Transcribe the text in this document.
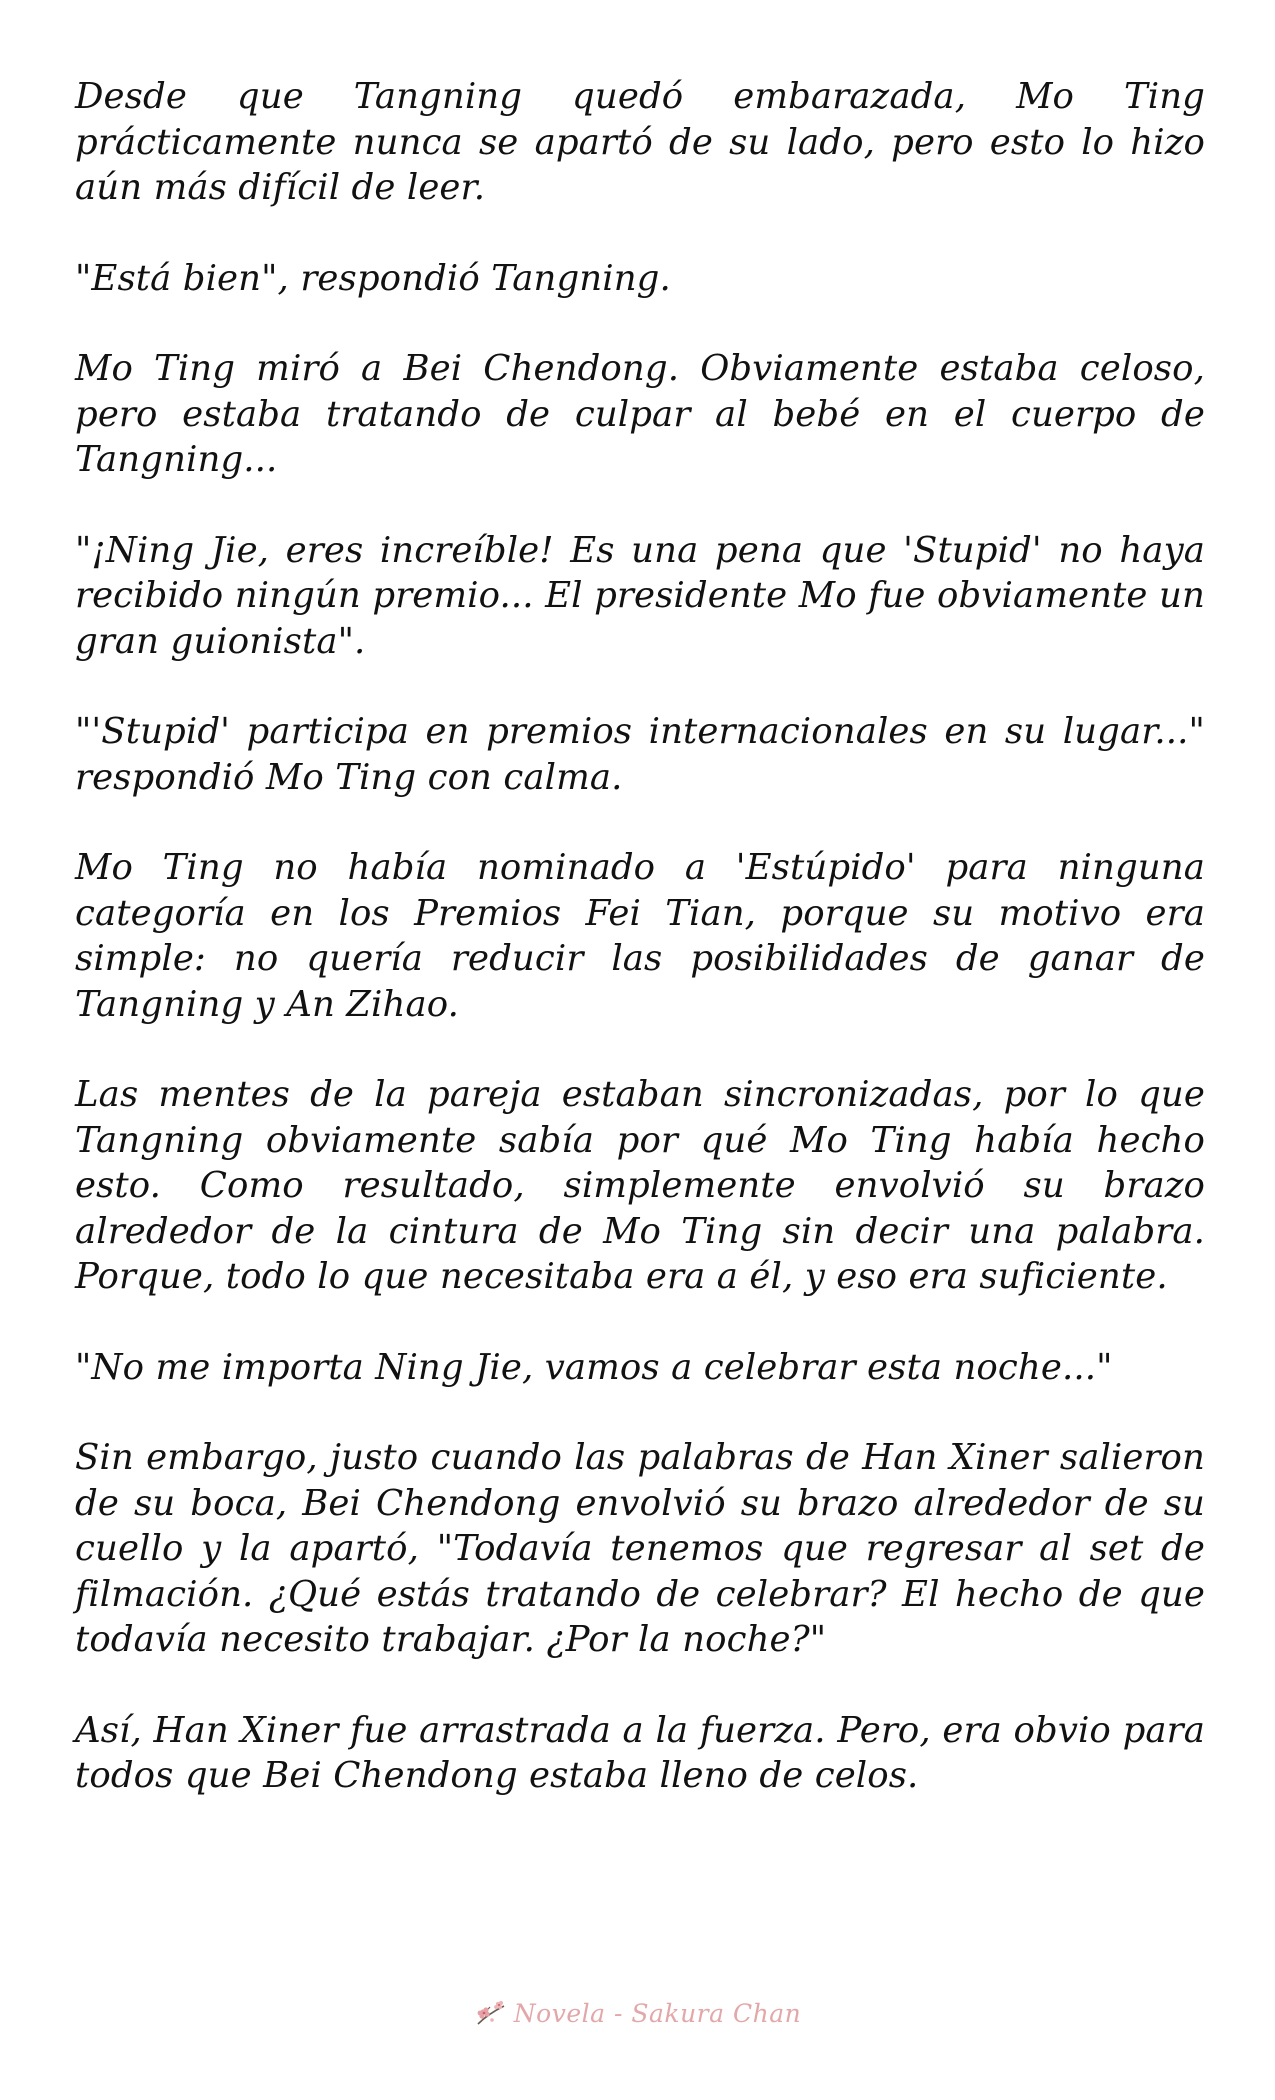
Desde que Tangning quedó embarazada, Mo Ting prácticamente nunca se apartó de su lado, pero esto lo hizo aún más difícil de leer.

"Está bien", respondió Tangning.

Mo Ting miró a Bei Chendong. Obviamente estaba celoso, pero estaba tratando de culpar al bebé en el cuerpo de Tangning...

"¡Ning Jie, eres increíble! Es una pena que 'Stupid' no haya recibido ningún premio... El presidente Mo fue obviamente un gran guionista".

"'Stupid' participa en premios internacionales en su lugar..." respondió Mo Ting con calma.

Mo Ting no había nominado a 'Estúpido' para ninguna categoría en los Premios Fei Tian, porque su motivo era simple: no quería reducir las posibilidades de ganar de Tangning y An Zihao.

Las mentes de la pareja estaban sincronizadas, por lo que Tangning obviamente sabía por qué Mo Ting había hecho esto. Como resultado, simplemente envolvió su brazo alrededor de la cintura de Mo Ting sin decir una palabra. Porque, todo lo que necesitaba era a él, y eso era suficiente.

"No me importa Ning Jie, vamos a celebrar esta noche..."

Sin embargo, justo cuando las palabras de Han Xiner salieron de su boca, Bei Chendong envolvió su brazo alrededor de su cuello y la apartó, "Todavía tenemos que regresar al set de filmación. ¿Qué estás tratando de celebrar? El hecho de que todavía necesito trabajar. ¿Por la noche?"

Así, Han Xiner fue arrastrada a la fuerza. Pero, era obvio para todos que Bei Chendong estaba lleno de celos.

Novela - Sakura Chan
